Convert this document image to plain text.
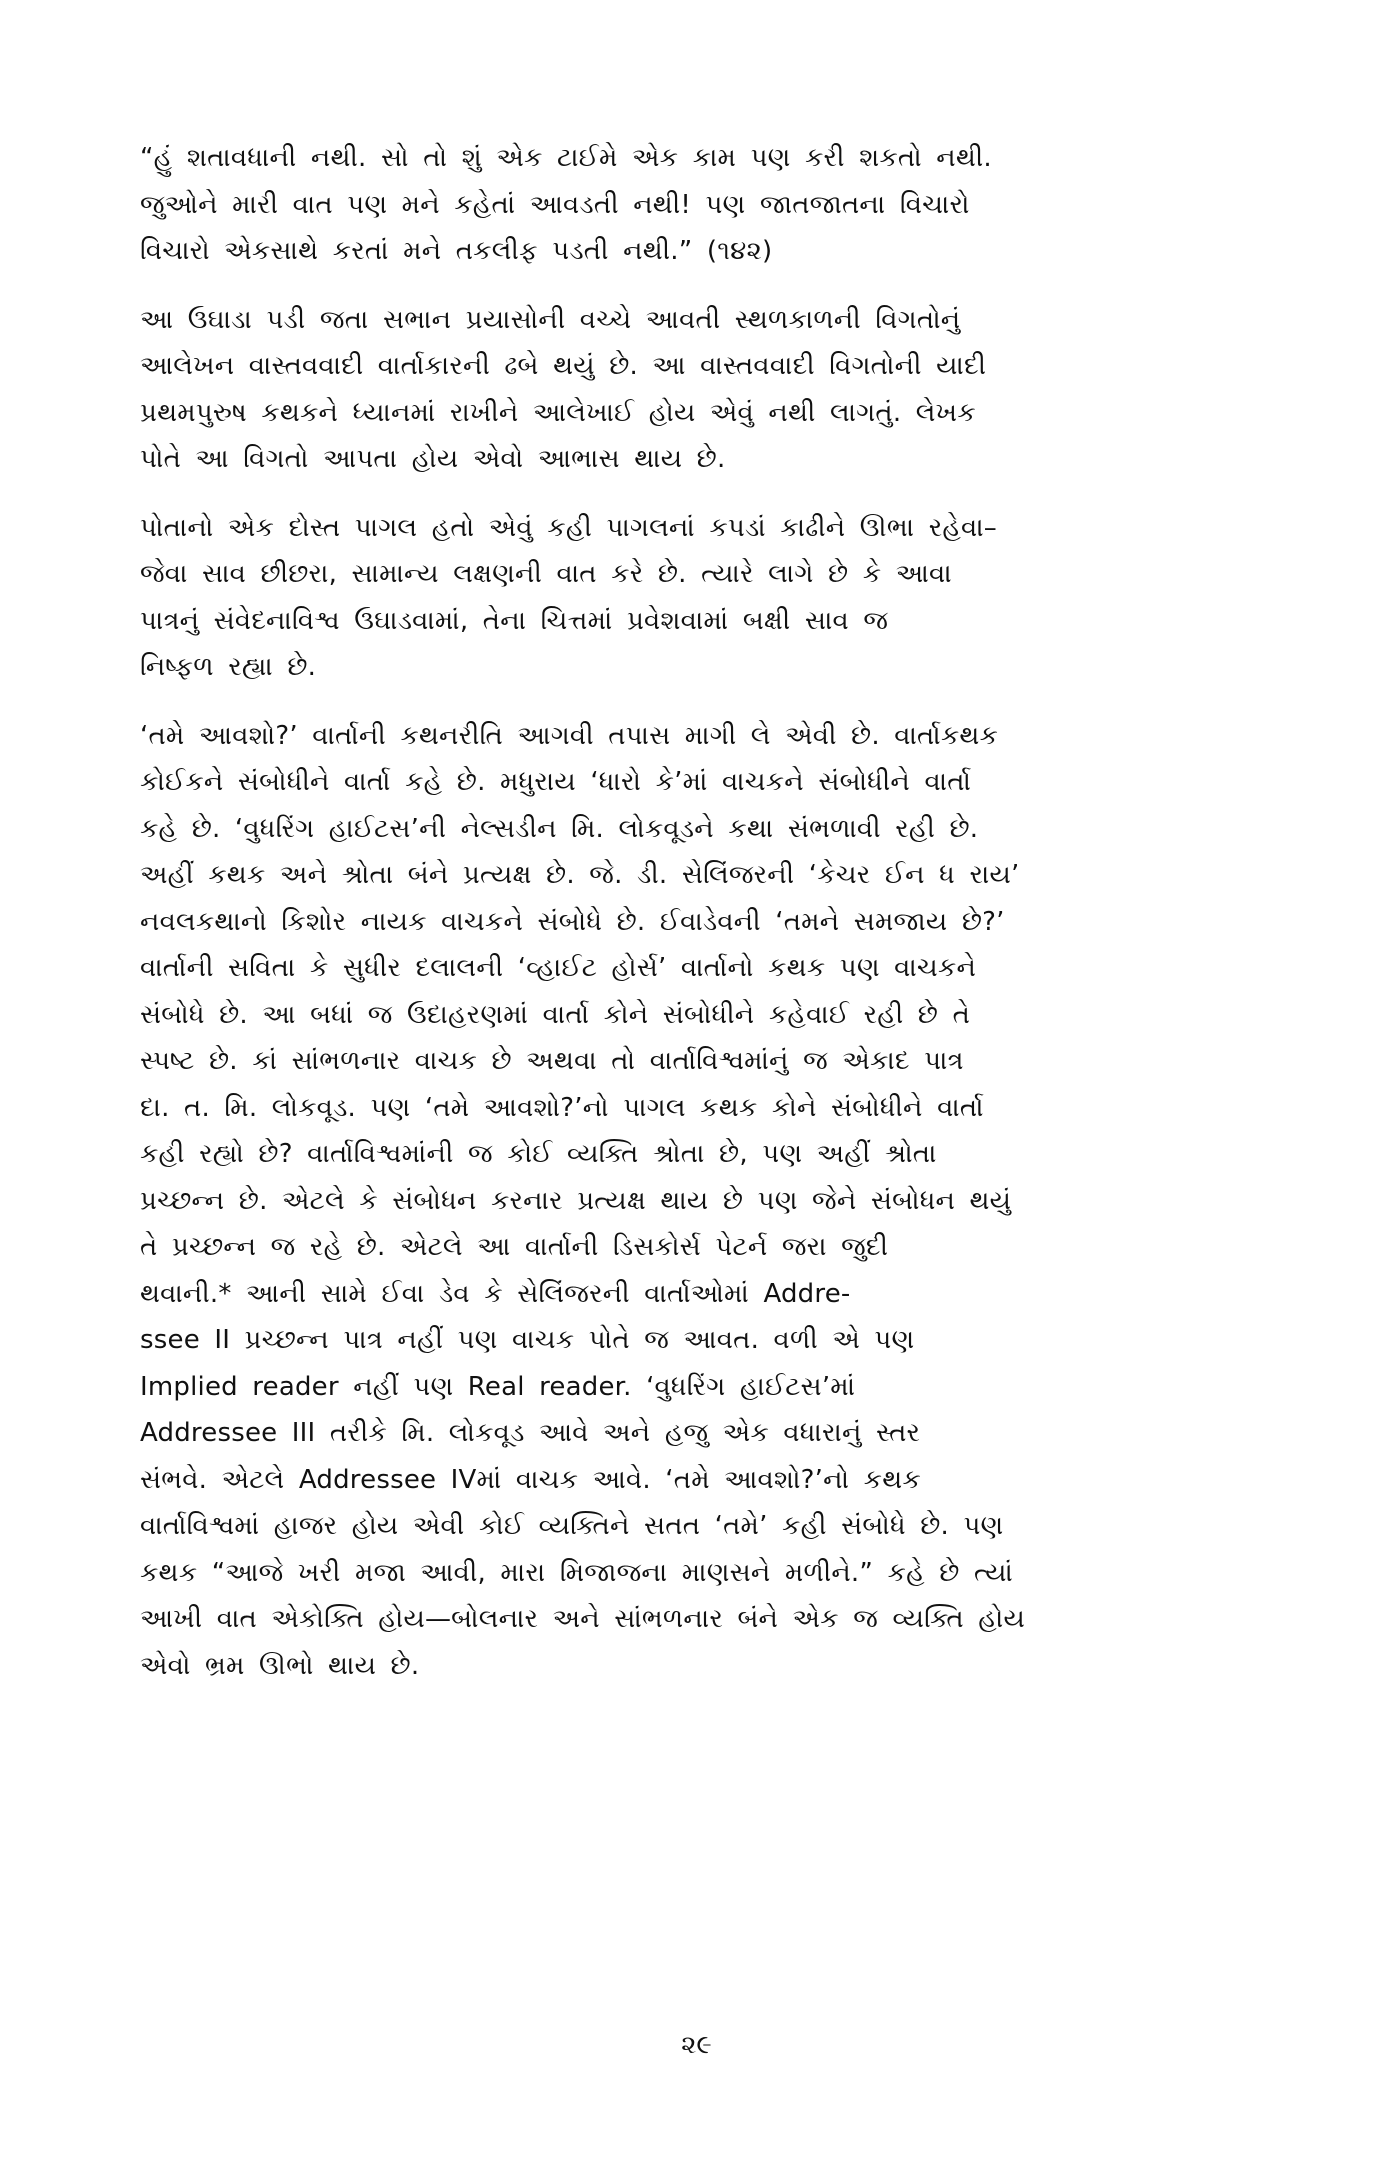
“હું શતાવધાની નથી. સો તો શું એક ટાઈમે એક કામ પણ કરી શકતો નથી.
જુઓને મારી વાત પણ મને કહેતાં આવડતી નથી! પણ જાતજાતના વિચારો
વિચારો એકસાથે કરતાં મને તકલીફ પડતી નથી.” (૧૪૨)
આ ઉઘાડા પડી જતા સભાન પ્રયાસોની વચ્ચે આવતી સ્થળકાળની વિગતોનું
આલેખન વાસ્તવવાદી વાર્તાકારની ઢબે થયું છે. આ વાસ્તવવાદી વિગતોની યાદી
પ્રથમપુરુષ કથકને ધ્યાનમાં રાખીને આલેખાઈ હોય એવું નથી લાગતું. લેખક
પોતે આ વિગતો આપતા હોય એવો આભાસ થાય છે.
પોતાનો એક દોસ્ત પાગલ હતો એવું કહી પાગલનાં કપડાં કાઢીને ઊભા રહેવા–
જેવા સાવ છીછરા, સામાન્ય લક્ષણની વાત કરે છે. ત્યારે લાગે છે કે આવા
પાત્રનું સંવેદનાવિશ્વ ઉઘાડવામાં, તેના ચિત્તમાં પ્રવેશવામાં બક્ષી સાવ જ
નિષ્ફળ રહ્યા છે.
‘તમે આવશો?’ વાર્તાની કથનરીતિ આગવી તપાસ માગી લે એવી છે. વાર્તાકથક
કોઈકને સંબોધીને વાર્તા કહે છે. મધુરાય ‘ધારો કે’માં વાચકને સંબોધીને વાર્તા
કહે છે. ‘વુધરિંગ હાઈટસ’ની નેલ્સડીન મિ. લોકવૂડને કથા સંભળાવી રહી છે.
અહીં કથક અને શ્રોતા બંને પ્રત્યક્ષ છે. જે. ડી. સેલિંજરની ‘કેચર ઈન ધ રાય’
નવલકથાનો કિશોર નાયક વાચકને સંબોધે છે. ઈવાડેવની ‘તમને સમજાય છે?’
વાર્તાની સવિતા કે સુધીર દલાલની ‘વ્હાઈટ હોર્સ’ વાર્તાનો કથક પણ વાચકને
સંબોધે છે. આ બધાં જ ઉદાહરણમાં વાર્તા કોને સંબોધીને કહેવાઈ રહી છે તે
સ્પષ્ટ છે. કાં સાંભળનાર વાચક છે અથવા તો વાર્તાવિશ્વમાંનું જ એકાદ પાત્ર
દા. ત. મિ. લોકવૂડ. પણ ‘તમે આવશો?’નો પાગલ કથક કોને સંબોધીને વાર્તા
કહી રહ્યો છે? વાર્તાવિશ્વમાંની જ કોઈ વ્યક્તિ શ્રોતા છે, પણ અહીં શ્રોતા
પ્રચ્છન્ન છે. એટલે કે સંબોધન કરનાર પ્રત્યક્ષ થાય છે પણ જેને સંબોધન થયું
તે પ્રચ્છન્ન જ રહે છે. એટલે આ વાર્તાની ડિસકોર્સ પેટર્ન જરા જુદી
થવાની.* આની સામે ઈવા ડેવ કે સેલિંજરની વાર્તાઓમાં Addre-
ssee II પ્રચ્છન્ન પાત્ર નહીં પણ વાચક પોતે જ આવત. વળી એ પણ
Implied reader નહીં પણ Real reader. ‘વુધરિંગ હાઈટસ’માં
Addressee III તરીકે મિ. લોકવૂડ આવે અને હજુ એક વધારાનું સ્તર
સંભવે. એટલે Addressee IVમાં વાચક આવે. ‘તમે આવશો?’નો કથક
વાર્તાવિશ્વમાં હાજર હોય એવી કોઈ વ્યક્તિને સતત ‘તમે’ કહી સંબોધે છે. પણ
કથક “આજે ખરી મજા આવી, મારા મિજાજના માણસને મળીને.” કહે છે ત્યાં
આખી વાત એકોક્તિ હોય—બોલનાર અને સાંભળનાર બંને એક જ વ્યક્તિ હોય
એવો ભ્રમ ઊભો થાય છે.
૨૯
